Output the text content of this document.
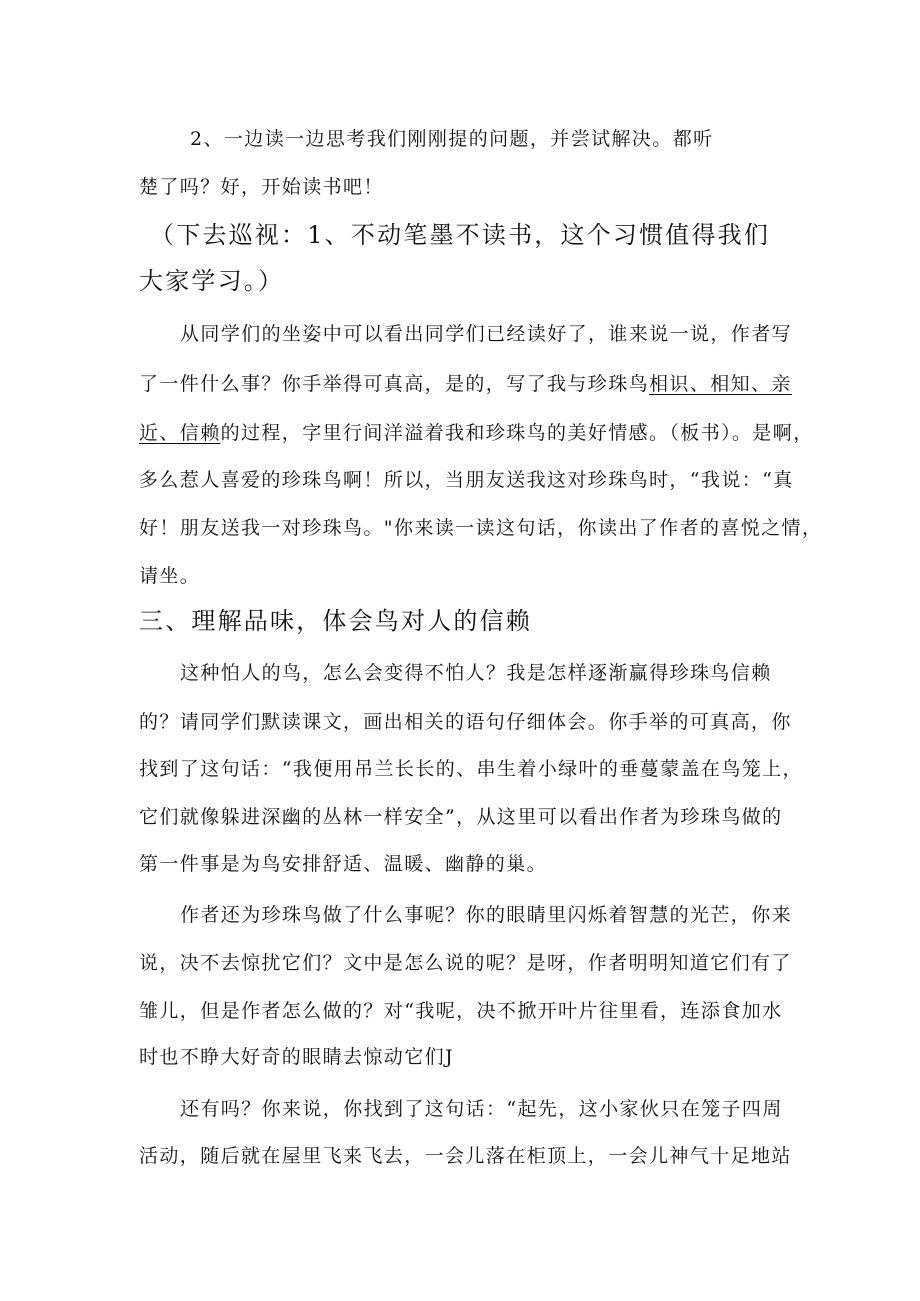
2、一边读一边思考我们刚刚提的问题，并尝试解决。都听
楚了吗？好，开始读书吧！
（下去巡视：1、不动笔墨不读书，这个习惯值得我们
大家学习。）
从同学们的坐姿中可以看出同学们已经读好了，谁来说一说，作者写
了一件什么事？你手举得可真高，是的，写了我与珍珠鸟相识、相知、亲
近、信赖的过程，字里行间洋溢着我和珍珠鸟的美好情感。（板书）。是啊，
多么惹人喜爱的珍珠鸟啊！所以，当朋友送我这对珍珠鸟时，“我说：“真
好！朋友送我一对珍珠鸟。"你来读一读这句话，你读出了作者的喜悦之情，
请坐。
三、理解品味，体会鸟对人的信赖
这种怕人的鸟，怎么会变得不怕人？我是怎样逐渐赢得珍珠鸟信赖
的？请同学们默读课文，画出相关的语句仔细体会。你手举的可真高，你
找到了这句话：“我便用吊兰长长的、串生着小绿叶的垂蔓蒙盖在鸟笼上，
它们就像躲进深幽的丛林一样安全”，从这里可以看出作者为珍珠鸟做的
第一件事是为鸟安排舒适、温暖、幽静的巢。
作者还为珍珠鸟做了什么事呢？你的眼睛里闪烁着智慧的光芒，你来
说，决不去惊扰它们？文中是怎么说的呢？是呀，作者明明知道它们有了
雏儿，但是作者怎么做的？对“我呢，决不掀开叶片往里看，连添食加水
时也不睁大好奇的眼睛去惊动它们J
还有吗？你来说，你找到了这句话：“起先，这小家伙只在笼子四周
活动，随后就在屋里飞来飞去，一会儿落在柜顶上，一会儿神气十足地站
